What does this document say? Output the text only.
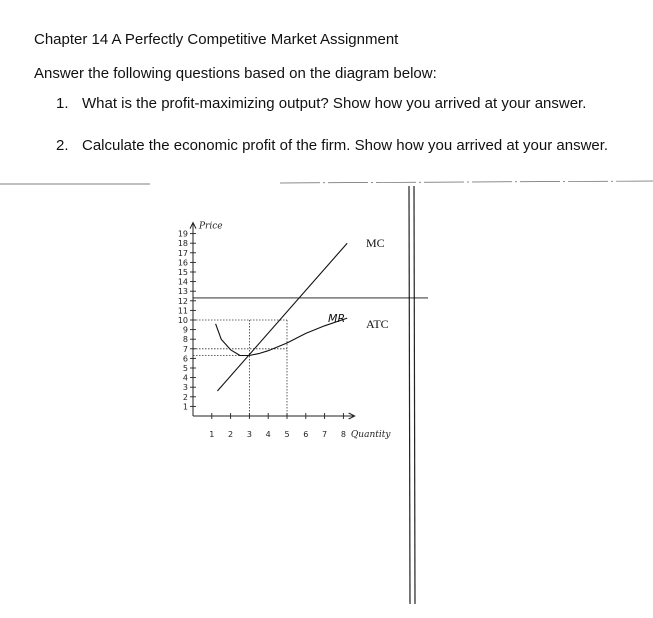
Chapter 14 A Perfectly Competitive Market Assignment
Answer the following questions based on the diagram below:
1. What is the profit-maximizing output? Show how you arrived at your answer.
2. Calculate the economic profit of the firm. Show how you arrived at your answer.
1
2
3
4
5
6
7
8
9
10
11
12
13
14
15
16
17
18
19
1 2 3 4 5 6 7 8
Price
Quantity
MC
ATC
MR
